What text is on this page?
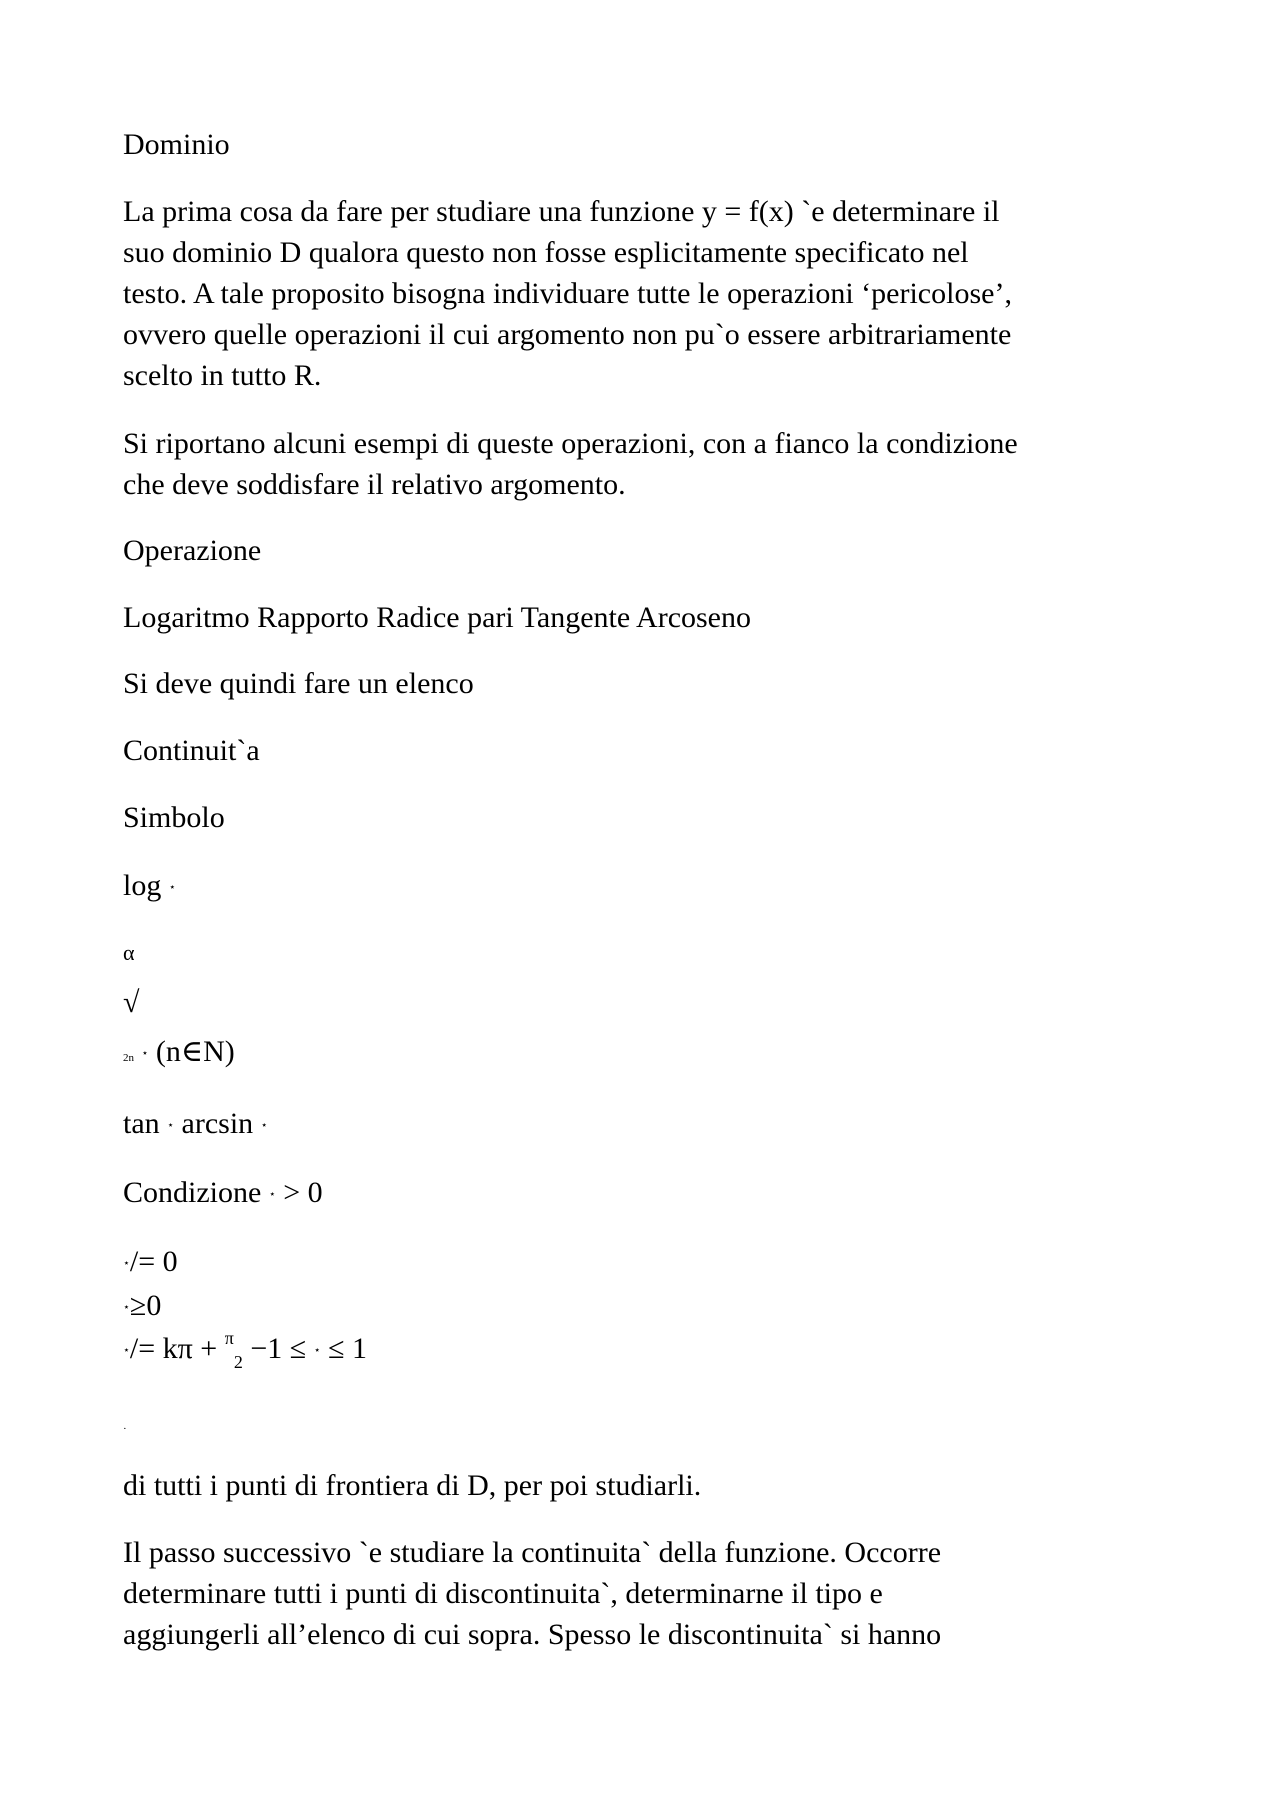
Dominio

La prima cosa da fare per studiare una funzione y = f(x) `e determinare il
suo dominio D qualora questo non fosse esplicitamente specificato nel
testo. A tale proposito bisogna individuare tutte le operazioni ‘pericolose’,
ovvero quelle operazioni il cui argomento non pu`o essere arbitrariamente
scelto in tutto R.
Si riportano alcuni esempi di queste operazioni, con a fianco la condizione
che deve soddisfare il relativo argomento.

Operazione

Logaritmo Rapporto Radice pari Tangente Arcoseno

Si deve quindi fare un elenco

Continuit`a

Simbolo

log ⋆

α

√

2n ⋆ (n∈N)

tan ⋆ arcsin ⋆

Condizione ⋆ > 0

⋆/= 0

⋆≥0

⋆/= kπ + $^\pi_2$ −1 ≤ ⋆ ≤ 1

·

di tutti i punti di frontiera di D, per poi studiarli.

Il passo successivo `e studiare la continuita` della funzione. Occorre
determinare tutti i punti di discontinuita`, determinarne il tipo e
aggiungerli all’elenco di cui sopra. Spesso le discontinuita` si hanno
